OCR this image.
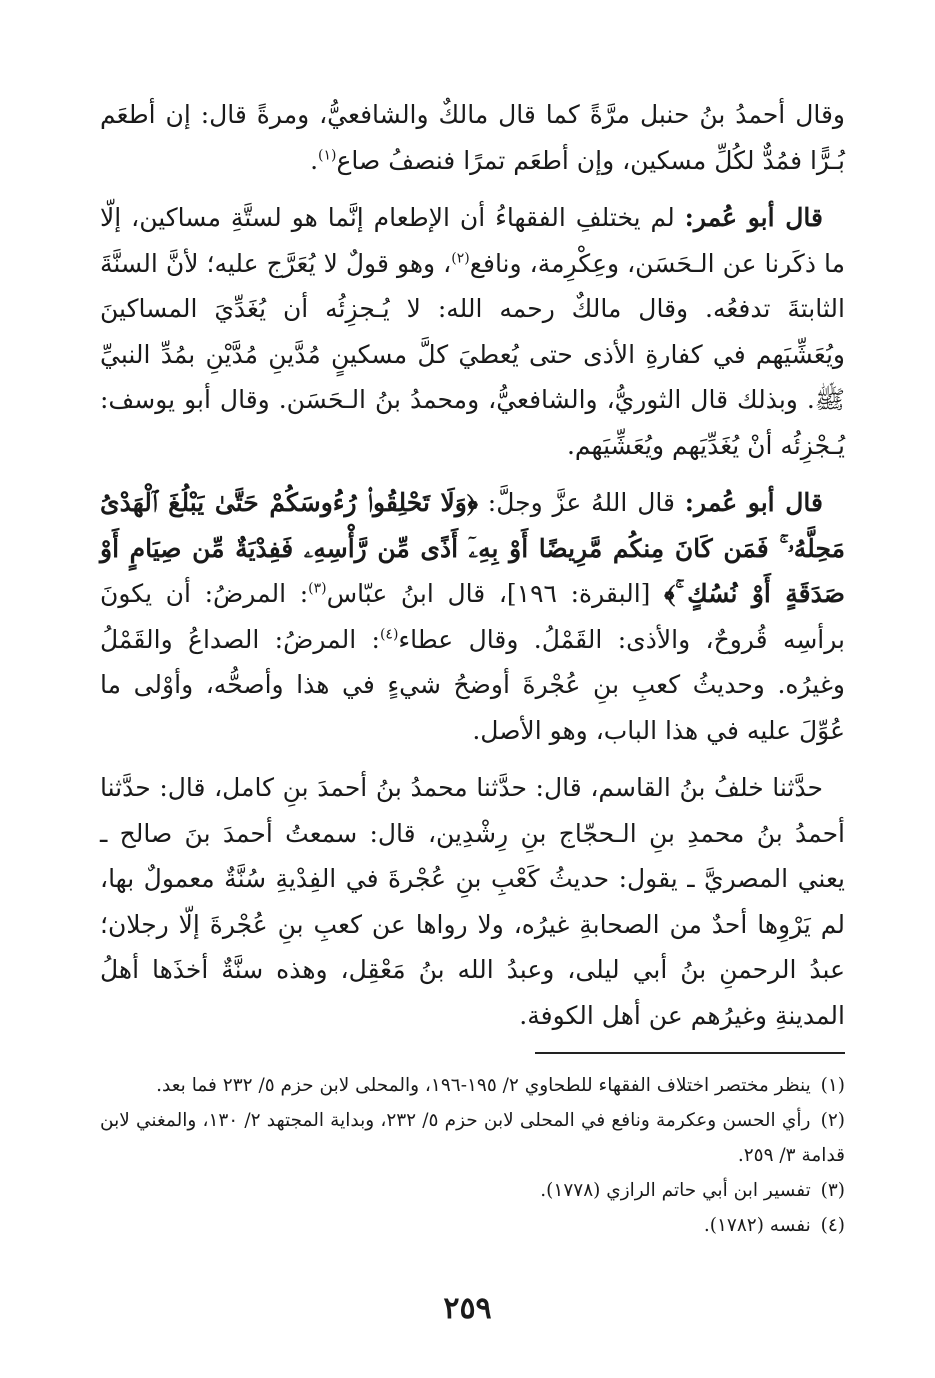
وقال أحمدُ بنُ حنبل مرَّةً كما قال مالكٌ والشافعيُّ، ومرةً قال: إن أطعَم بُـرًّا فمُدٌّ لكُلِّ مسكين، وإن أطعَم تمرًا فنصفُ صاع$^{(١)}$.

قال أبو عُمر: لم يختلفِ الفقهاءُ أن الإطعام إنَّما هو لستَّةِ مساكين، إلّا ما ذكَرنا عن الـحَسَن، وعِكْرِمة، ونافع$^{(٢)}$، وهو قولٌ لا يُعَرَّج عليه؛ لأنَّ السنَّةَ الثابتةَ تدفعُه. وقال مالكٌ رحمه الله: لا يُـجزِئُه أن يُغَدِّيَ المساكينَ ويُعَشِّيَهم في كفارةِ الأذى حتى يُعطيَ كلَّ مسكينٍ مُدَّينِ مُدَّيْنِ بمُدِّ النبيِّ ﷺ. وبذلك قال الثوريُّ، والشافعيُّ، ومحمدُ بنُ الـحَسَن. وقال أبو يوسف: يُـجْزِئُه أنْ يُغَدِّيَهم ويُعَشِّيَهم.

قال أبو عُمر: قال اللهُ عزَّ وجلَّ: ﴿وَلَا تَحْلِقُوا۟ رُءُوسَكُمْ حَتَّىٰ يَبْلُغَ ٱلْهَدْىُ مَحِلَّهُۥ ۚ فَمَن كَانَ مِنكُم مَّرِيضًا أَوْ بِهِۦٓ أَذًى مِّن رَّأْسِهِۦ فَفِدْيَةٌ مِّن صِيَامٍ أَوْ صَدَقَةٍ أَوْ نُسُكٍ ۚ﴾ [البقرة: ١٩٦]، قال ابنُ عبّاس$^{(٣)}$: المرضُ: أن يكونَ برأسِه قُروحٌ، والأذى: القَمْلُ. وقال عطاء$^{(٤)}$: المرضُ: الصداعُ والقَمْلُ وغيرُه. وحديثُ كعبِ بنِ عُجْرةَ أوضحُ شيءٍ في هذا وأصحُّه، وأوْلى ما عُوِّلَ عليه في هذا الباب، وهو الأصل.

حدَّثنا خلفُ بنُ القاسم، قال: حدَّثنا محمدُ بنُ أحمدَ بنِ كامل، قال: حدَّثنا أحمدُ بنُ محمدِ بنِ الـحجّاج بنِ رِشْدِين، قال: سمعتُ أحمدَ بنَ صالح ـ يعني المصريَّ ـ يقول: حديثُ كَعْبِ بنِ عُجْرةَ في الفِدْيةِ سُنَّةٌ معمولٌ بها، لم يَرْوِها أحدٌ من الصحابةِ غيرُه، ولا رواها عن كعبِ بنِ عُجْرةَ إلّا رجلان؛ عبدُ الرحمنِ بنُ أبي ليلى، وعبدُ الله بنُ مَعْقِل، وهذه سنَّةٌ أخذَها أهلُ المدينةِ وغيرُهم عن أهل الكوفة.

(١) ينظر مختصر اختلاف الفقهاء للطحاوي ٢/ ١٩٥-١٩٦، والمحلى لابن حزم ٥/ ٢٣٢ فما بعد.

(٢) رأي الحسن وعكرمة ونافع في المحلى لابن حزم ٥/ ٢٣٢، وبداية المجتهد ٢/ ١٣٠، والمغني لابن قدامة ٣/ ٢٥٩.

(٣) تفسير ابن أبي حاتم الرازي (١٧٧٨).

(٤) نفسه (١٧٨٢).

٢٥٩
